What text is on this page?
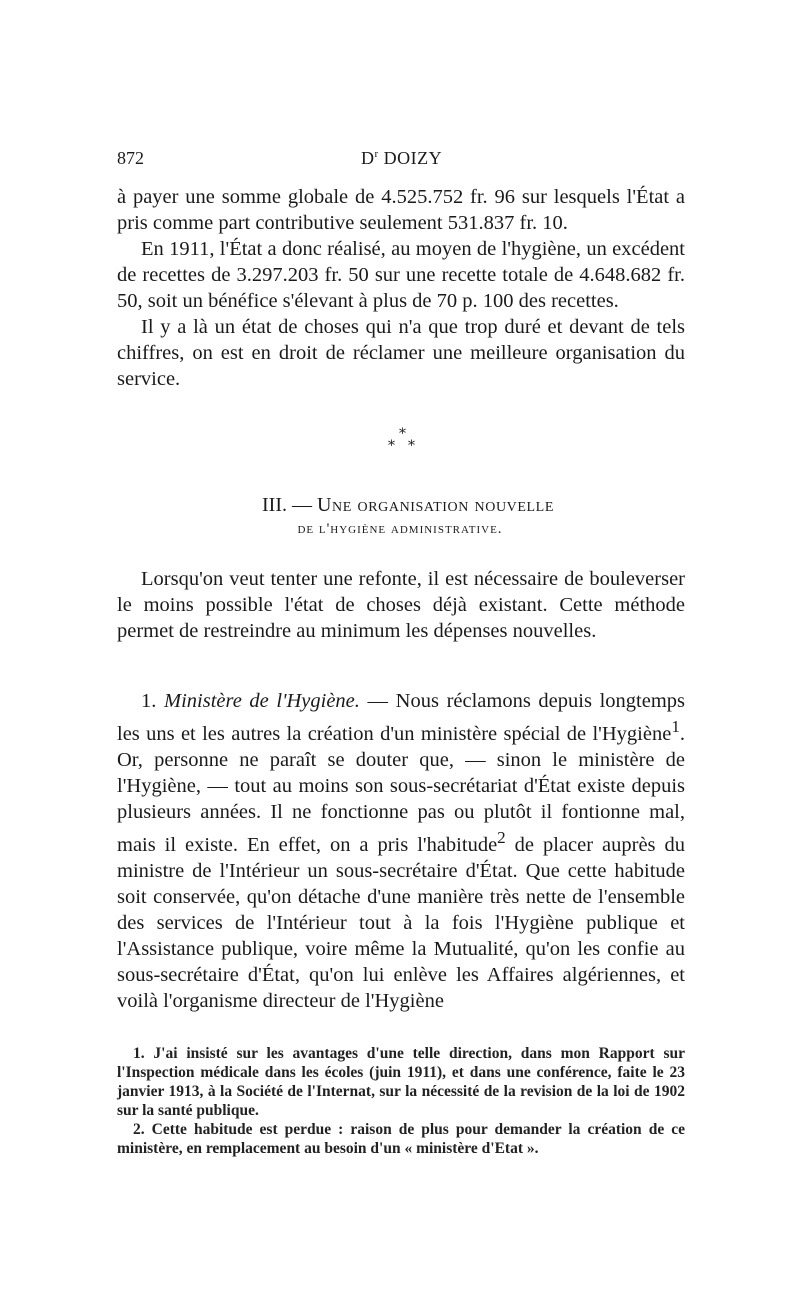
872	$D^r$ DOIZY

à payer une somme globale de 4.525.752 fr. 96 sur lesquels l'État a pris comme part contributive seulement 531.837 fr. 10.

En 1911, l'État a donc réalisé, au moyen de l'hygiène, un excédent de recettes de 3.297.203 fr. 50 sur une recette totale de 4.648.682 fr. 50, soit un bénéfice s'élevant à plus de 70 p. 100 des recettes.

Il y a là un état de choses qui n'a que trop duré et devant de tels chiffres, on est en droit de réclamer une meilleure organisation du service.

*
* *
III. — Une organisation nouvelle
de l'hygiène administrative.

Lorsqu'on veut tenter une refonte, il est nécessaire de bouleverser le moins possible l'état de choses déjà existant. Cette méthode permet de restreindre au minimum les dépenses nouvelles.

1. Ministère de l'Hygiène. — Nous réclamons depuis longtemps les uns et les autres la création d'un ministère spécial de l'Hygiène$^1$. Or, personne ne paraît se douter que, — sinon le ministère de l'Hygiène, — tout au moins son sous-secrétariat d'État existe depuis plusieurs années. Il ne fonctionne pas ou plutôt il fontionne mal, mais il existe. En effet, on a pris l'habitude$^2$ de placer auprès du ministre de l'Intérieur un sous-secrétaire d'État. Que cette habitude soit conservée, qu'on détache d'une manière très nette de l'ensemble des services de l'Intérieur tout à la fois l'Hygiène publique et l'Assistance publique, voire même la Mutualité, qu'on les confie au sous-secrétaire d'État, qu'on lui enlève les Affaires algériennes, et voilà l'organisme directeur de l'Hygiène

1. J'ai insisté sur les avantages d'une telle direction, dans mon Rapport sur l'Inspection médicale dans les écoles (juin 1911), et dans une conférence, faite le 23 janvier 1913, à la Société de l'Internat, sur la nécessité de la revision de la loi de 1902 sur la santé publique.

2. Cette habitude est perdue : raison de plus pour demander la création de ce ministère, en remplacement au besoin d'un « ministère d'Etat ».
